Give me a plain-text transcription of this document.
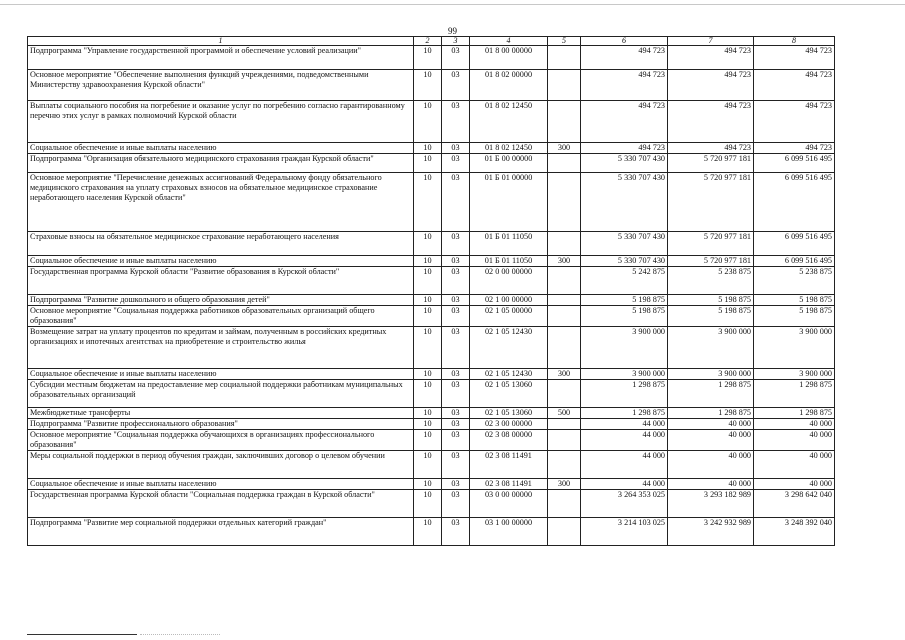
99
1	2	3	4	5	6	7	8
Подпрограмма "Управление государственной программой и обеспечение условий реализации"	10	03	01 8 00 00000		494 723	494 723	494 723
Основное мероприятие "Обеспечение выполнения функций учреждениями, подведомственными Министерству здравоохранения Курской области"	10	03	01 8 02 00000		494 723	494 723	494 723
Выплаты социального пособия на погребение и оказание услуг по погребению согласно гарантированному перечню этих услуг в рамках полномочий Курской области	10	03	01 8 02 12450		494 723	494 723	494 723
Социальное обеспечение и иные выплаты населению	10	03	01 8 02 12450	300	494 723	494 723	494 723
Подпрограмма "Организация обязательного медицинского страхования граждан Курской области"	10	03	01 Б 00 00000		5 330 707 430	5 720 977 181	6 099 516 495
Основное мероприятие "Перечисление денежных ассигнований Федеральному фонду обязательного медицинского страхования на уплату страховых взносов на обязательное медицинское страхование неработающего населения Курской области"	10	03	01 Б 01 00000		5 330 707 430	5 720 977 181	6 099 516 495
Страховые взносы на обязательное медицинское страхование неработающего населения	10	03	01 Б 01 11050		5 330 707 430	5 720 977 181	6 099 516 495
Социальное обеспечение и иные выплаты населению	10	03	01 Б 01 11050	300	5 330 707 430	5 720 977 181	6 099 516 495
Государственная программа Курской области "Развитие образования в Курской области"	10	03	02 0 00 00000		5 242 875	5 238 875	5 238 875
Подпрограмма "Развитие дошкольного и общего образования детей"	10	03	02 1 00 00000		5 198 875	5 198 875	5 198 875
Основное мероприятие "Социальная поддержка работников образовательных организаций общего образования"	10	03	02 1 05 00000		5 198 875	5 198 875	5 198 875
Возмещение затрат на уплату процентов по кредитам и займам, полученным в российских кредитных организациях и ипотечных агентствах на приобретение и строительство жилья	10	03	02 1 05 12430		3 900 000	3 900 000	3 900 000
Социальное обеспечение и иные выплаты населению	10	03	02 1 05 12430	300	3 900 000	3 900 000	3 900 000
Субсидии местным бюджетам на предоставление мер социальной поддержки работникам муниципальных образовательных организаций	10	03	02 1 05 13060		1 298 875	1 298 875	1 298 875
Межбюджетные трансферты	10	03	02 1 05 13060	500	1 298 875	1 298 875	1 298 875
Подпрограмма "Развитие профессионального образования"	10	03	02 3 00 00000		44 000	40 000	40 000
Основное мероприятие "Социальная поддержка обучающихся в организациях профессионального образования"	10	03	02 3 08 00000		44 000	40 000	40 000
Меры социальной поддержки в период обучения граждан, заключивших договор о целевом обучении	10	03	02 3 08 11491		44 000	40 000	40 000
Социальное обеспечение и иные выплаты населению	10	03	02 3 08 11491	300	44 000	40 000	40 000
Государственная программа Курской области "Социальная поддержка граждан в Курской области"	10	03	03 0 00 00000		3 264 353 025	3 293 182 989	3 298 642 040
Подпрограмма "Развитие мер социальной поддержки отдельных категорий граждан"	10	03	03 1 00 00000		3 214 103 025	3 242 932 989	3 248 392 040
